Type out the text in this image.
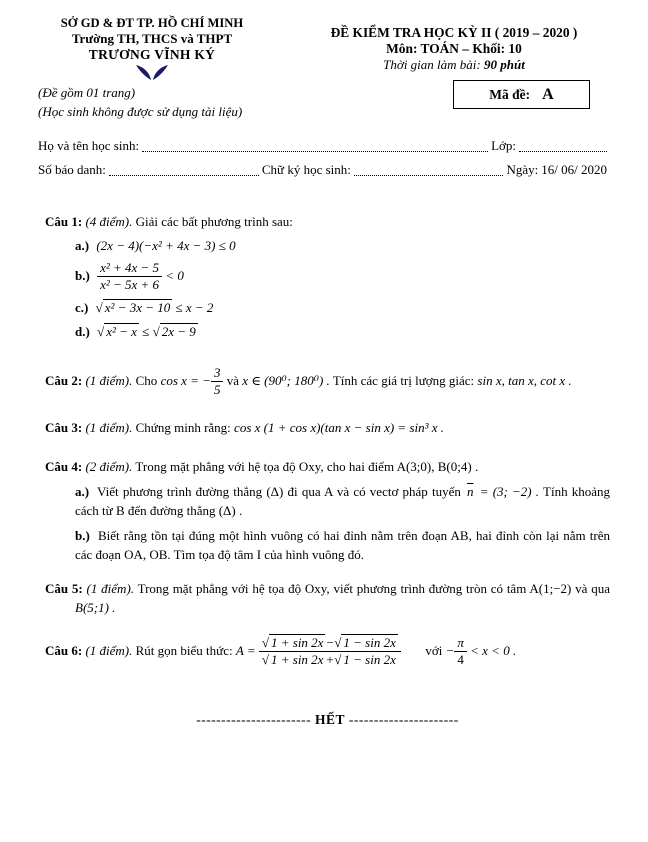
SỞ GD & ĐT TP. HỒ CHÍ MINH
Trường TH, THCS và THPT
TRƯƠNG VĨNH KÝ
ĐỀ KIỂM TRA HỌC KỲ II ( 2019 – 2020 )
Môn: TOÁN – Khối: 10
Thời gian làm bài: 90 phút
(Đề gồm 01 trang)
(Học sinh không được sử dụng tài liệu)
Mã đề: A
Họ và tên học sinh:	Lớp:
Số báo danh:	Chữ ký học sinh:	Ngày: 16/ 06/ 2020
Câu 1: (4 điểm). Giải các bất phương trình sau:
a.) (2x − 4)(−x² + 4x − 3) ≤ 0
$b.) \frac{\text{x² + 4x − 5}}{\text{x² − 5x + 6}} < 0$
c.) √ x² − 3x − 10 ≤ x − 2
d.) √ x² − x ≤ √ 2x − 9
Câu 2: (1 điểm). Cho cos x = − $\frac{3}{5}$ và x ∈ (90⁰; 180⁰) . Tính các giá trị lượng giác: sin x, tan x, cot x .
Câu 3: (1 điểm). Chứng minh rằng: cos x (1 + cos x)(tan x − sin x) = sin³ x .
Câu 4: (2 điểm). Trong mặt phẳng với hệ tọa độ Oxy, cho hai điểm A(3;0), B(0;4) .
a.) Viết phương trình đường thẳng (Δ) đi qua A và có vectơ pháp tuyến $\overline{n} = (3$; −2) . Tính khoảng cách từ B đến đường thẳng (Δ) .
b.) Biết rằng tồn tại đúng một hình vuông có hai đỉnh nằm trên đoạn AB, hai đỉnh còn lại nằm trên các đoạn OA, OB. Tìm tọa độ tâm I của hình vuông đó.
Câu 5: (1 điểm). Trong mặt phẳng với hệ tọa độ Oxy, viết phương trình đường tròn có tâm A(1;−2) và qua B(5;1) .
Câu 6: (1 điểm). Rút gọn biểu thức: A = √ 1 + sin 2x − √ 1 − sin 2x
√ 1 + sin 2x + √ 1 − sin 2x với − $\frac{\pi}{4} < x < 0$ .
----------------------- HẾT ----------------------
